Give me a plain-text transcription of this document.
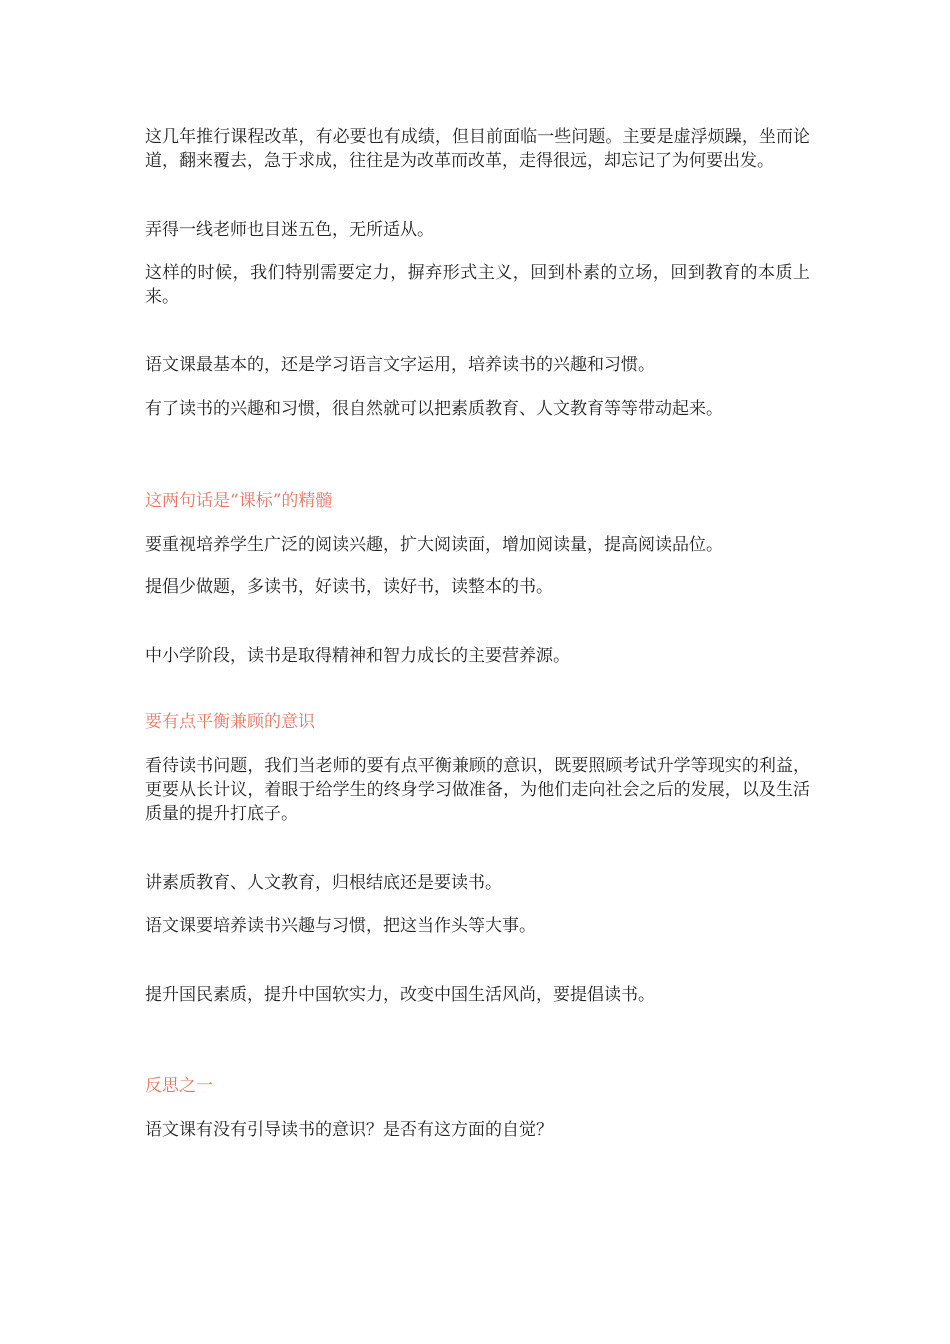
这几年推行课程改革，有必要也有成绩，但目前面临一些问题。主要是虚浮烦躁，坐而论道，翻来覆去，急于求成，往往是为改革而改革，走得很远，却忘记了为何要出发。

弄得一线老师也目迷五色，无所适从。

这样的时候，我们特别需要定力，摒弃形式主义，回到朴素的立场，回到教育的本质上来。

语文课最基本的，还是学习语言文字运用，培养读书的兴趣和习惯。

有了读书的兴趣和习惯，很自然就可以把素质教育、人文教育等等带动起来。

这两句话是“课标”的精髓

要重视培养学生广泛的阅读兴趣，扩大阅读面，增加阅读量，提高阅读品位。

提倡少做题，多读书，好读书，读好书，读整本的书。

中小学阶段，读书是取得精神和智力成长的主要营养源。

要有点平衡兼顾的意识

看待读书问题，我们当老师的要有点平衡兼顾的意识，既要照顾考试升学等现实的利益，更要从长计议，着眼于给学生的终身学习做准备，为他们走向社会之后的发展，以及生活质量的提升打底子。

讲素质教育、人文教育，归根结底还是要读书。

语文课要培养读书兴趣与习惯，把这当作头等大事。

提升国民素质，提升中国软实力，改变中国生活风尚，要提倡读书。

反思之一

语文课有没有引导读书的意识？是否有这方面的自觉？
